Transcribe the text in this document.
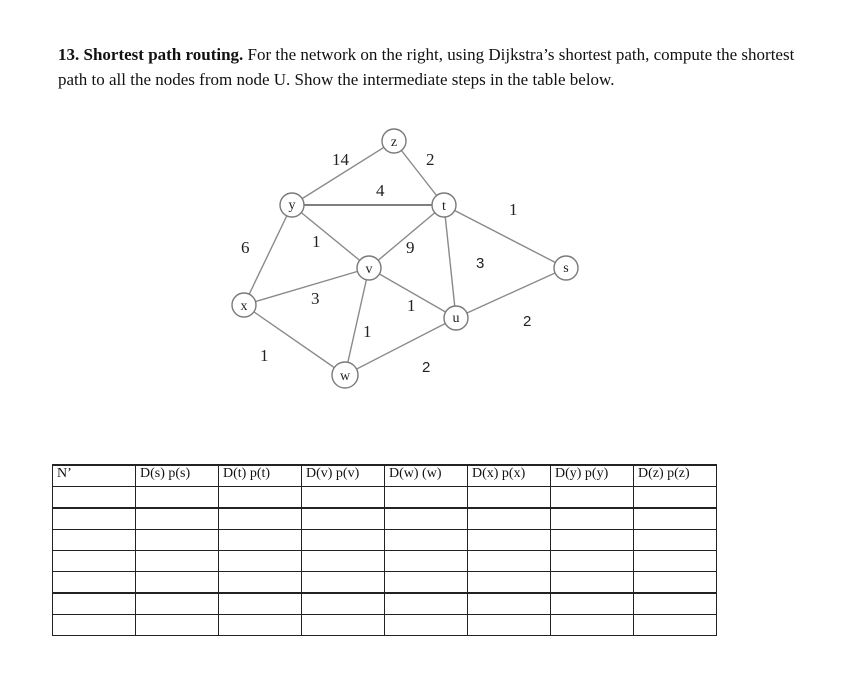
13. Shortest path routing. For the network on the right, using Dijkstra’s shortest path, compute the shortest path to all the nodes from node U. Show the intermediate steps in the table below.
14	2
4
6	1	9
1
3
3	1
1
2
1
2
z
y	t
v
x
u
s
w
N’	D(s) p(s)	D(t) p(t)	D(v) p(v)	D(w) (w)	D(x) p(x)	D(y) p(y)	D(z) p(z)
